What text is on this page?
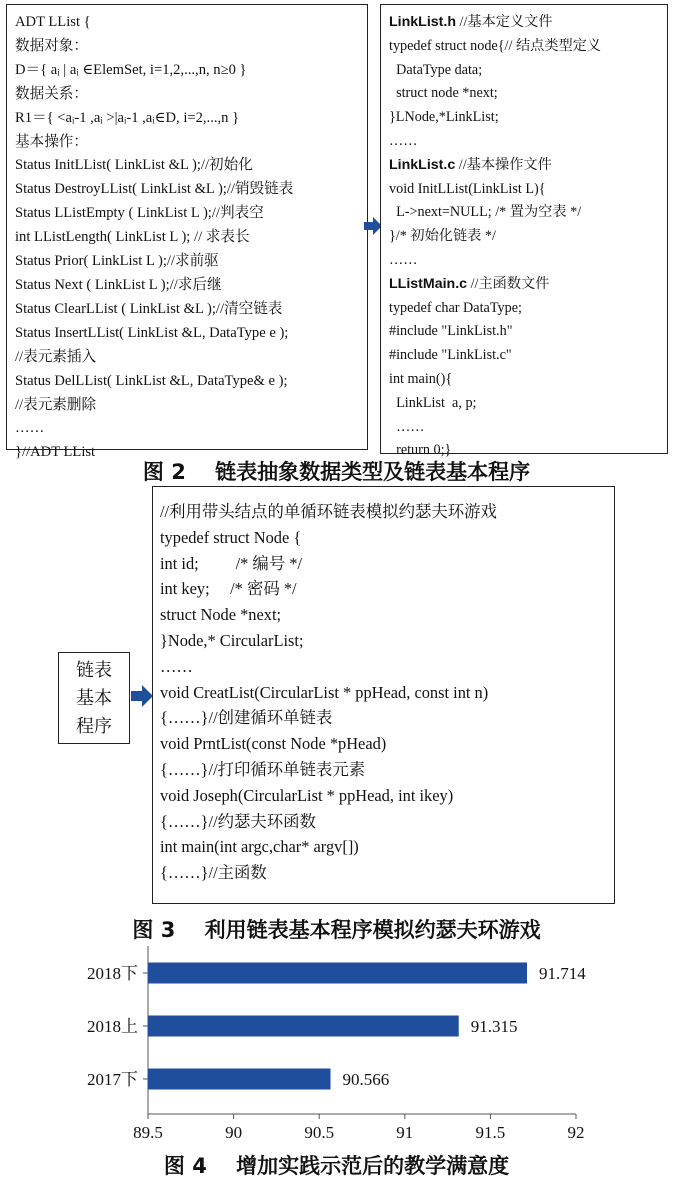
ADT LList {
数据对象：
D＝{ aᵢ | aᵢ ∈ElemSet, i=1,2,...,n, n≥0 }
数据关系：
R1＝{ <aᵢ-1 ,aᵢ >|aᵢ-1 ,aᵢ∈D, i=2,...,n }
基本操作：
Status InitLList( LinkList &L );//初始化
Status DestroyLList( LinkList &L );//销毁链表
Status LListEmpty ( LinkList L );//判表空
int LListLength( LinkList L ); // 求表长
Status Prior( LinkList L );//求前驱
Status Next ( LinkList L );//求后继
Status ClearLList ( LinkList &L );//清空链表
Status InsertLList( LinkList &L, DataType e );
//表元素插入
Status DelLList( LinkList &L, DataType& e );
//表元素删除
……
}//ADT LList
LinkList.h //基本定义文件
typedef struct node{// 结点类型定义
DataType data;
struct node *next;
}LNode,*LinkList;
……
LinkList.c //基本操作文件
void InitLList(LinkList L){
L->next=NULL; /* 置为空表 */
}/* 初始化链表 */
……
LListMain.c //主函数文件
typedef char DataType;
#include "LinkList.h"
#include "LinkList.c"
int main(){
LinkList  a, p;
……
return 0;}
图 2    链表抽象数据类型及链表基本程序
链表
基本
程序
//利用带头结点的单循环链表模拟约瑟夫环游戏
typedef struct Node {
int id;         /* 编号 */
int key;     /* 密码 */
struct Node *next;
}Node,* CircularList;
……
void CreatList(CircularList * ppHead, const int n)
{……}//创建循环单链表
void PrntList(const Node *pHead)
{……}//打印循环单链表元素
void Joseph(CircularList * ppHead, int ikey)
{……}//约瑟夫环函数
int main(int argc,char* argv[])
{……}//主函数
图 3    利用链表基本程序模拟约瑟夫环游戏
89.5	90	90.5	91	91.5	92
2018下	91.714
2018上	91.315
2017下	90.566
图 4    增加实践示范后的教学满意度
